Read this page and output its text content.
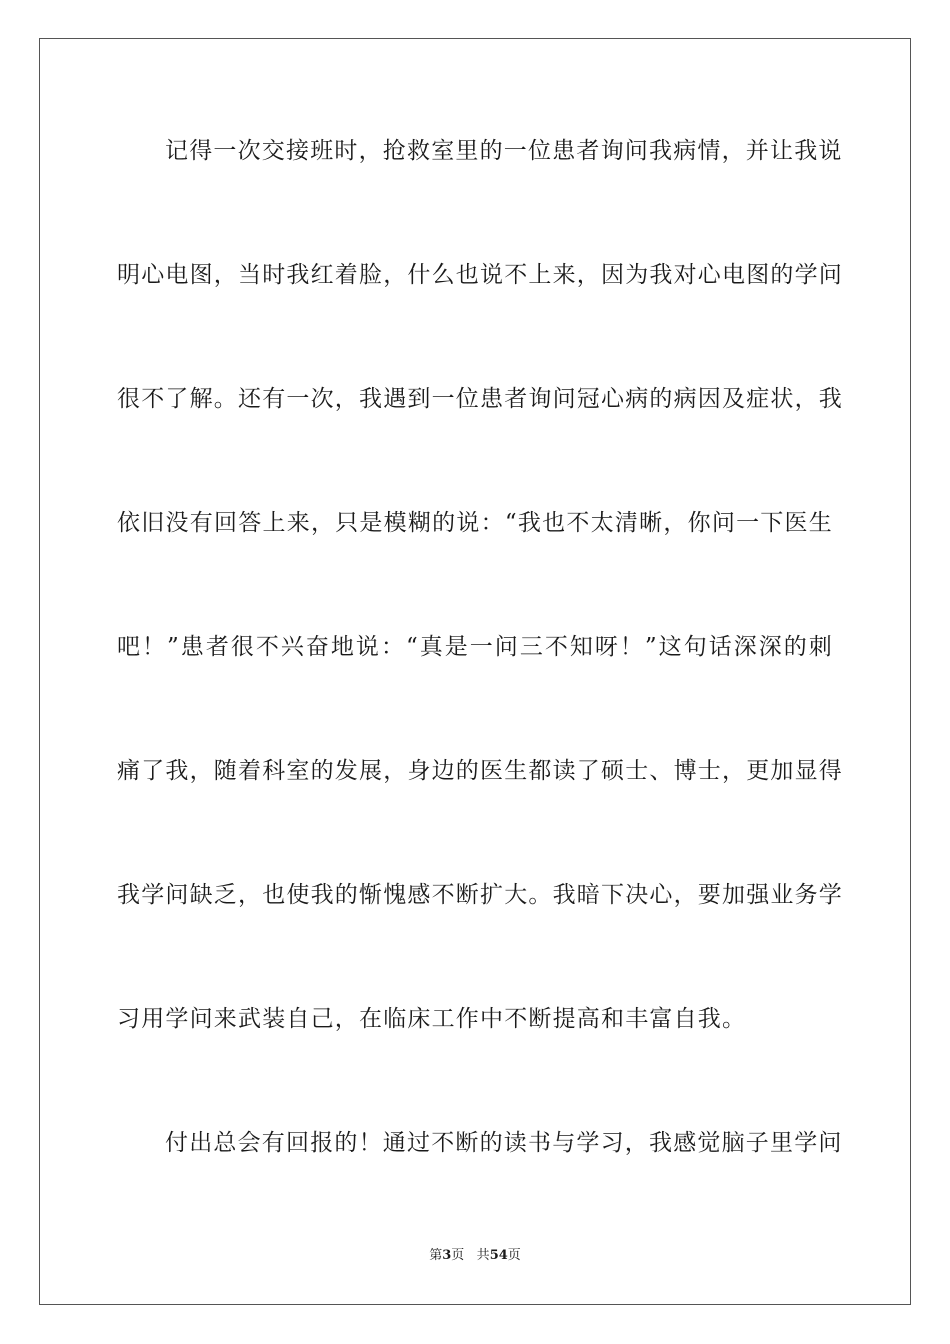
记得一次交接班时，抢救室里的一位患者询问我病情，并让我说
明心电图，当时我红着脸，什么也说不上来，因为我对心电图的学问
很不了解。还有一次，我遇到一位患者询问冠心病的病因及症状，我
依旧没有回答上来，只是模糊的说：“我也不太清晰，你问一下医生
吧！”患者很不兴奋地说：“真是一问三不知呀！”这句话深深的刺
痛了我，随着科室的发展，身边的医生都读了硕士、博士，更加显得
我学问缺乏，也使我的惭愧感不断扩大。我暗下决心，要加强业务学
习用学问来武装自己，在临床工作中不断提高和丰富自我。
付出总会有回报的！通过不断的读书与学习，我感觉脑子里学问
第3页 共54页
